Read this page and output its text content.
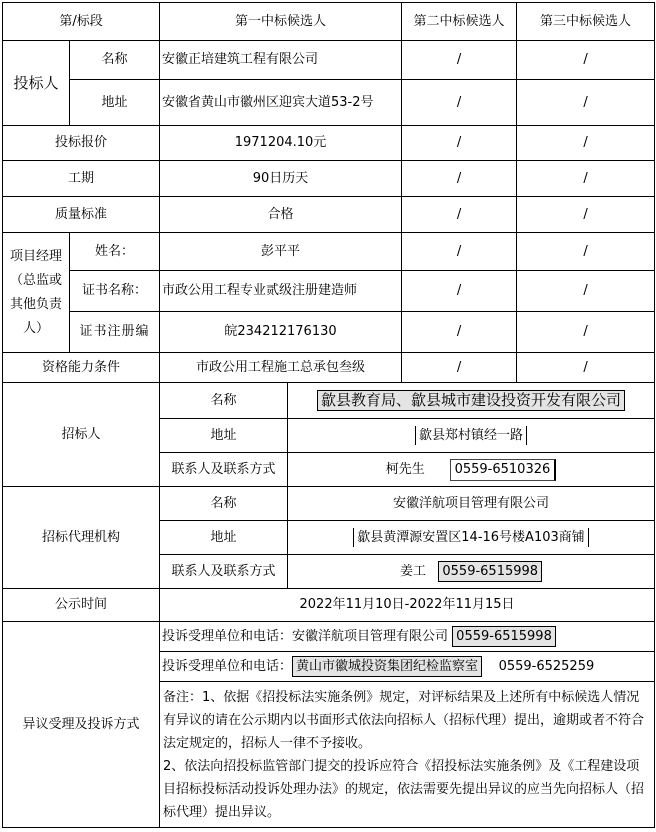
第/标段		第一中标候选人		第二中标候选人	第三中标候选人
投标人	名称	安徽正培建筑工程有限公司		/	/
	地址	安徽省黄山市徽州区迎宾大道53-2号		/	/
投标报价		1971204.10元		/	/
工期		90日历天		/	/
质量标准		合格		/	/
项目经理（总监或其他负责人）	姓名：	彭平平		/	/
	证书名称：	市政公用工程专业贰级注册建造师		/	/
	证书注册编	皖234212176130		/	/
资格能力条件		市政公用工程施工总承包叁级		/	/
招标人		名称	歙县教育局、歙县城市建设投资开发有限公司		
		地址	歙县郑村镇经一路		
		联系人及联系方式	柯先生 0559-6510326		
招标代理机构		名称	安徽洋航项目管理有限公司		
		地址	歙县黄潭源安置区14-16号楼A103商铺		
		联系人及联系方式	姜工 0559-6515998		
公示时间		2022年11月10日-2022年11月15日			
异议受理及投诉方式		投诉受理单位和电话：安徽洋航项目管理有限公司 0559-6515998			
		投诉受理单位和电话： 黄山市徽城投资集团纪检监察室 0559-6525259			

		备注：1、依据《招投标法实施条例》规定，对评标结果及上述所有中标候选人情况有异议的请在公示期内以书面形式依法向招标人（招标代理）提出，逾期或者不符合法定规定的，招标人一律不予接收。
2、依法向招投标监管部门提交的投诉应符合《招投标法实施条例》及《工程建设项目招标投标活动投诉处理办法》的规定，依法需要先提出异议的应当先向招标人（招标代理）提出异议。			
